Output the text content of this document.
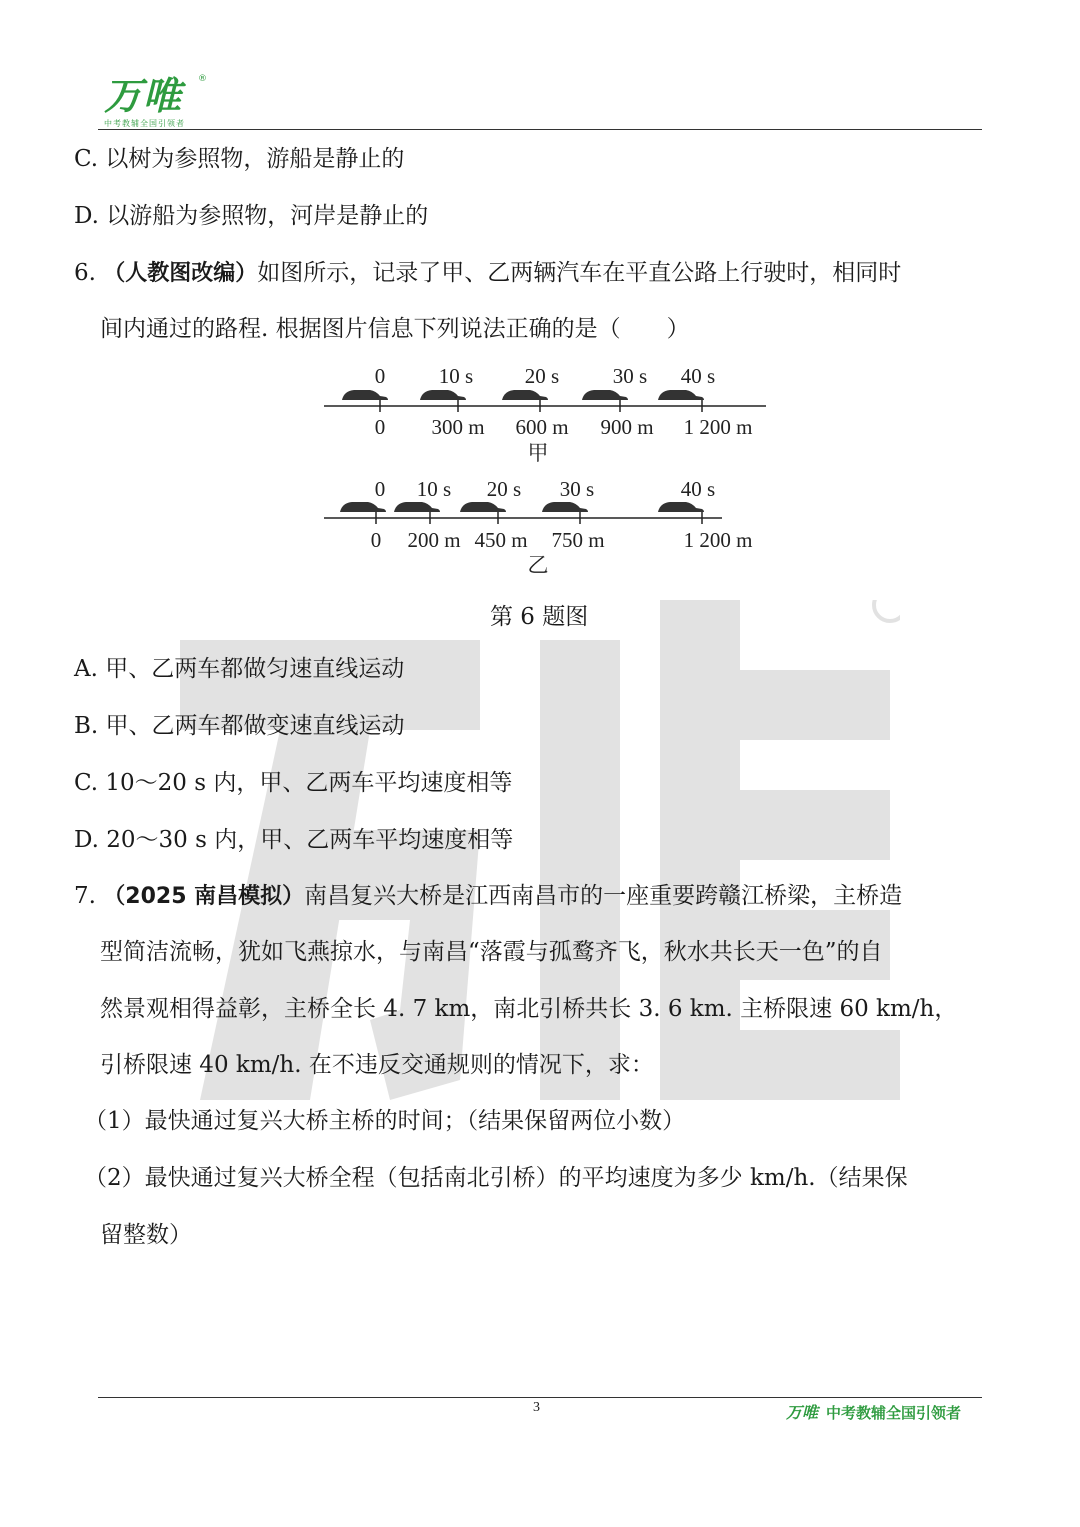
万唯	®
中考教辅全国引领者
C. 以树为参照物，游船是静止的
D. 以游船为参照物，河岸是静止的
6. （人教图改编）如图所示，记录了甲、乙两辆汽车在平直公路上行驶时，相同时
间内通过的路程. 根据图片信息下列说法正确的是（　　）
0	10 s 20 s	30 s 40 s
0 300 m 600 m 900 m 1 200 m
甲
0 10 s 20 s 30 s	40 s
0 200 m 450 m 750 m	1 200 m
乙
第 6 题图
A. 甲、乙两车都做匀速直线运动
B. 甲、乙两车都做变速直线运动
C. 10～20 s 内，甲、乙两车平均速度相等
D. 20～30 s 内，甲、乙两车平均速度相等
7. （2025 南昌模拟）南昌复兴大桥是江西南昌市的一座重要跨赣江桥梁，主桥造
型简洁流畅，犹如飞燕掠水，与南昌“落霞与孤鹜齐飞，秋水共长天一色”的自
然景观相得益彰，主桥全长 4. 7 km，南北引桥共长 3. 6 km. 主桥限速 60 km/h，
引桥限速 40 km/h. 在不违反交通规则的情况下，求：
（1）最快通过复兴大桥主桥的时间；（结果保留两位小数）
（2）最快通过复兴大桥全程（包括南北引桥）的平均速度为多少 km/h.（结果保
留整数）
3	万唯 中考教辅全国引领者
